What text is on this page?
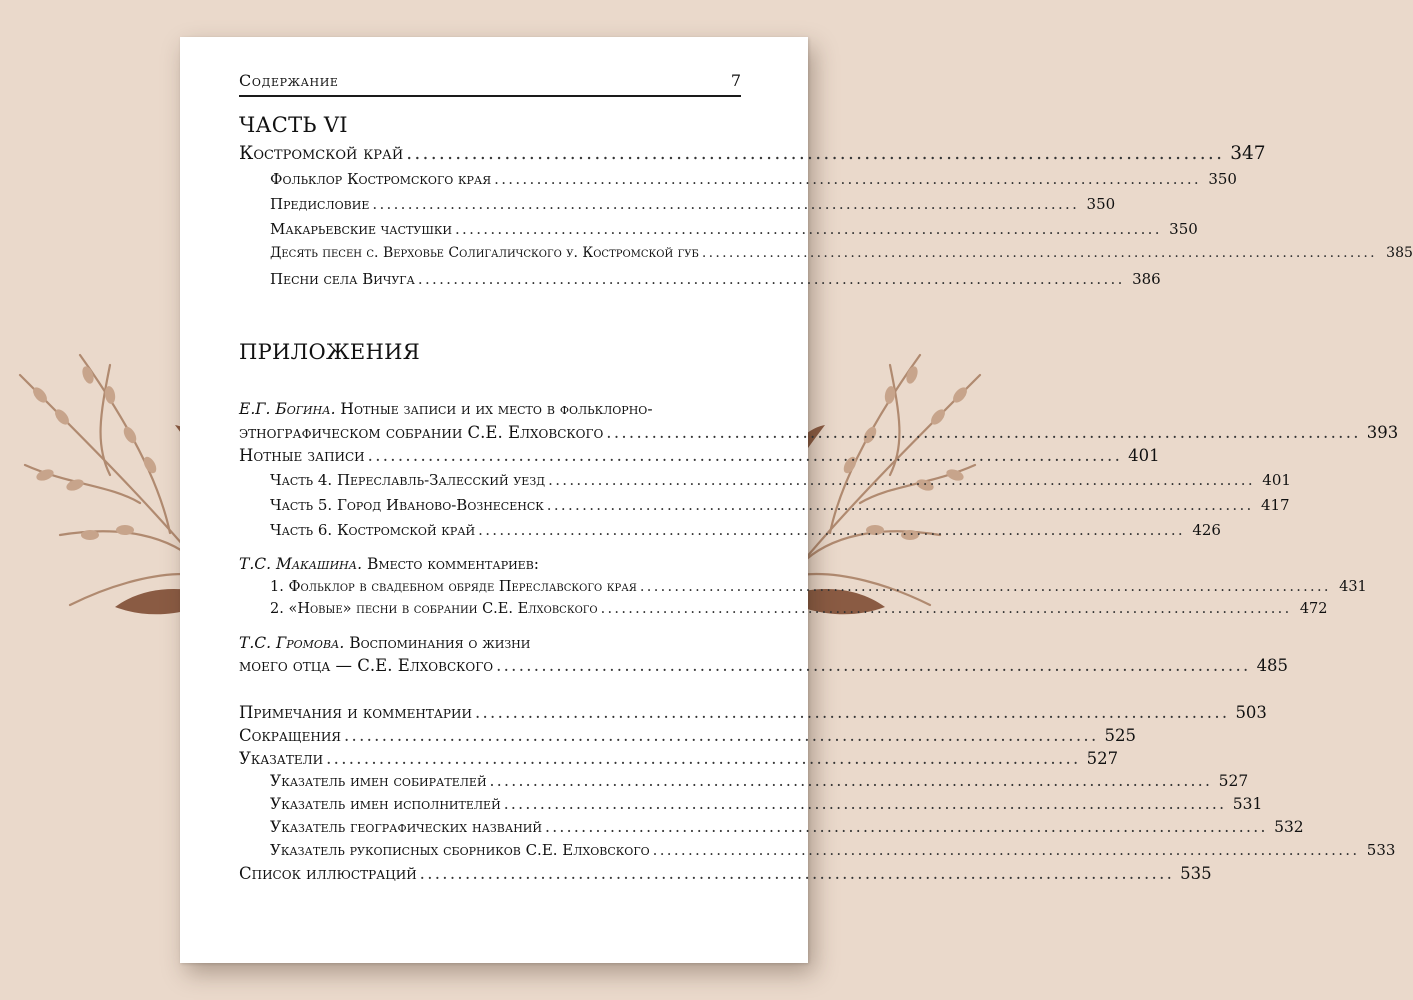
Содержание	7
ЧАСТЬ VI
Костромской край .................................................................................................... 347
Фольклор Костромского края .................................................................................................... 350
Предисловие .................................................................................................... 350
Макарьевские частушки .................................................................................................... 350
Десять песен с. Верховье Солигаличского у. Костромской губ .................................................................................................... 385
Песни села Вичуга .................................................................................................... 386
ПРИЛОЖЕНИЯ
Е.Г. Богина. Нотные записи и их место в фольклорно-
этнографическом собрании С.Е. Елховского .................................................................................................... 393
Нотные записи .................................................................................................... 401
Часть 4. Переславль-Залесский уезд .................................................................................................... 401
Часть 5. Город Иваново-Вознесенск .................................................................................................... 417
Часть 6. Костромской край .................................................................................................... 426
Т.С. Макашина. Вместо комментариев:
1. Фольклор в свадебном обряде Переславского края .................................................................................................... 431
2. «Новые» песни в собрании С.Е. Елховского .................................................................................................... 472
Т.С. Громова. Воспоминания о жизни
моего отца — С.Е. Елховского .................................................................................................... 485
Примечания и комментарии .................................................................................................... 503
Сокращения .................................................................................................... 525
Указатели .................................................................................................... 527
Указатель имен собирателей .................................................................................................... 527
Указатель имен исполнителей .................................................................................................... 531
Указатель географических названий .................................................................................................... 532
Указатель рукописных сборников С.Е. Елховского .................................................................................................... 533
Список иллюстраций .................................................................................................... 535
